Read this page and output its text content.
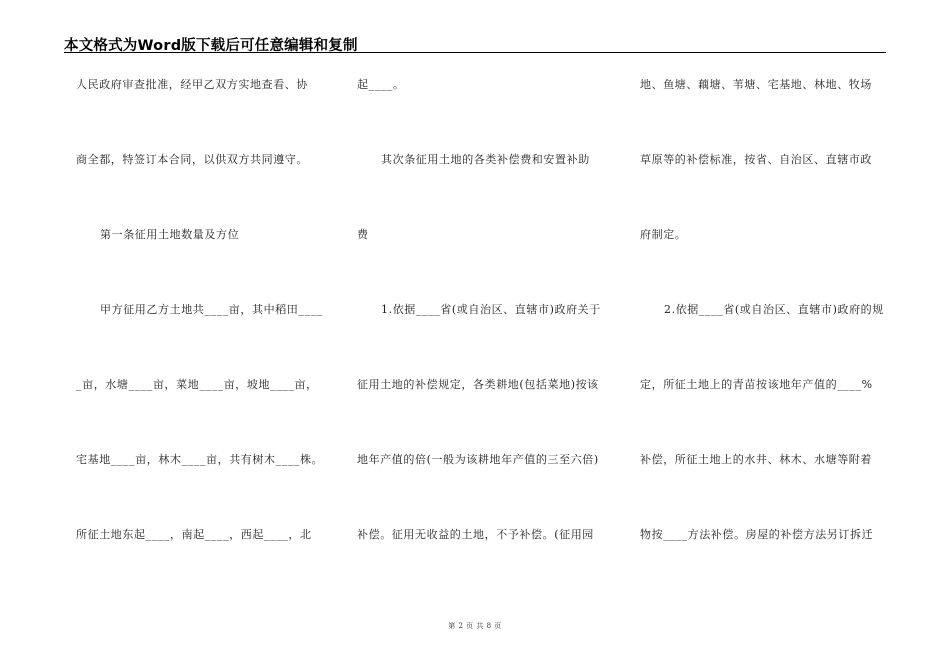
本文格式为Word版下载后可任意编辑和复制
人民政府审查批准，经甲乙双方实地查看、协
商全都，特签订本合同，以供双方共同遵守。
第一条征用土地数量及方位
甲方征用乙方土地共____亩，其中稻田____
_亩，水塘____亩，菜地____亩，坡地____亩，
宅基地____亩，林木____亩，共有树木____株。
所征土地东起____，南起____，西起____，北
起____。
其次条征用土地的各类补偿费和安置补助
费
1.依据____省(或自治区、直辖市)政府关于
征用土地的补偿规定，各类耕地(包括菜地)按该
地年产值的倍(一般为该耕地年产值的三至六倍)
补偿。征用无收益的土地，不予补偿。(征用园
地、鱼塘、藕塘、苇塘、宅基地、林地、牧场
草原等的补偿标准，按省、自治区、直辖市政
府制定。
2.依据____省(或自治区、直辖市)政府的规
定，所征土地上的青苗按该地年产值的____%
补偿，所征土地上的水井、林木、水塘等附着
物按____方法补偿。房屋的补偿方法另订拆迁
第 2 页 共 8 页
